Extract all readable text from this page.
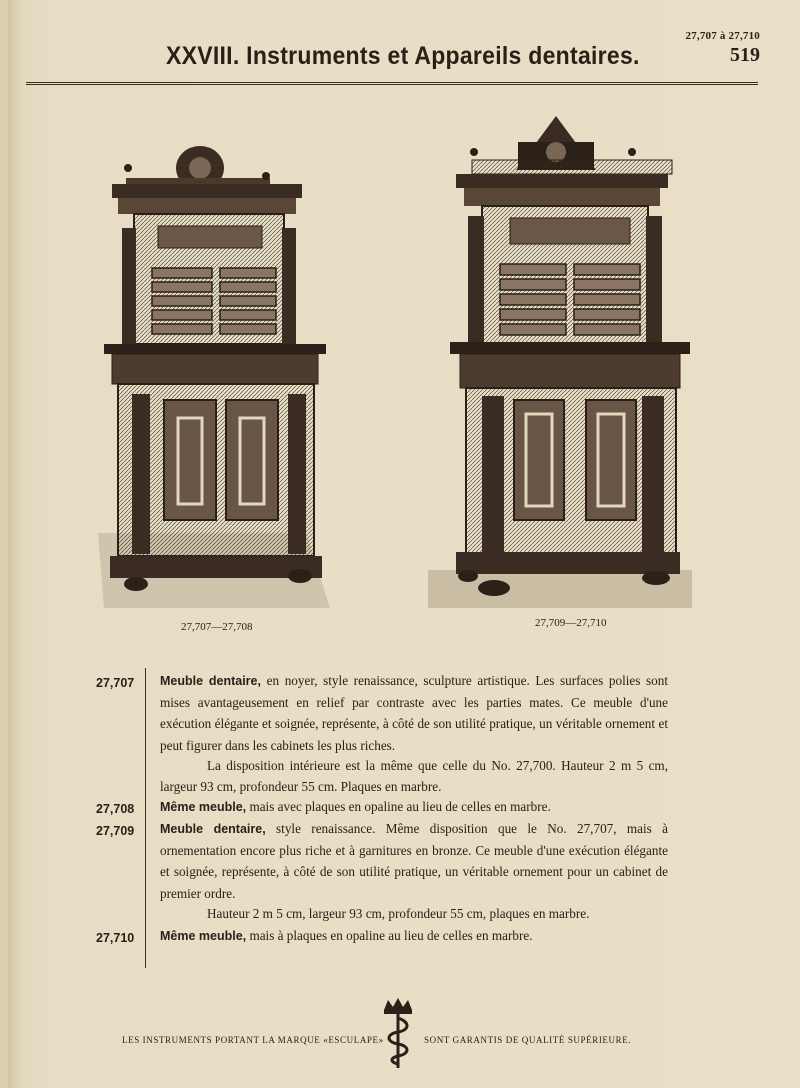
27,707 à 27,710
XXVIII. Instruments et Appareils dentaires.	519
27,707—27,708	27,709—27,710
27,707 Meuble dentaire, en noyer, style renaissance, sculpture artistique. Les surfaces polies sont mises avantageusement en relief par contraste avec les parties mates. Ce meuble d'une exécution élégante et soignée, représente, à côté de son utilité pratique, un véritable ornement et peut figurer dans les cabinets les plus riches.
La disposition intérieure est la même que celle du No. 27,700. Hauteur 2 m 5 cm, largeur 93 cm, profondeur 55 cm. Plaques en marbre.
27,708 Même meuble, mais avec plaques en opaline au lieu de celles en marbre.
27,709 Meuble dentaire, style renaissance. Même disposition que le No. 27,707, mais à ornementation encore plus riche et à garnitures en bronze. Ce meuble d'une exécution élégante et soignée, représente, à côté de son utilité pratique, un véritable ornement pour un cabinet de premier ordre.
Hauteur 2 m 5 cm, largeur 93 cm, profondeur 55 cm, plaques en marbre.
27,710 Même meuble, mais à plaques en opaline au lieu de celles en marbre.
LES INSTRUMENTS PORTANT LA MARQUE «ESCULAPE»	SONT GARANTIS DE QUALITÉ SUPÉRIEURE.
